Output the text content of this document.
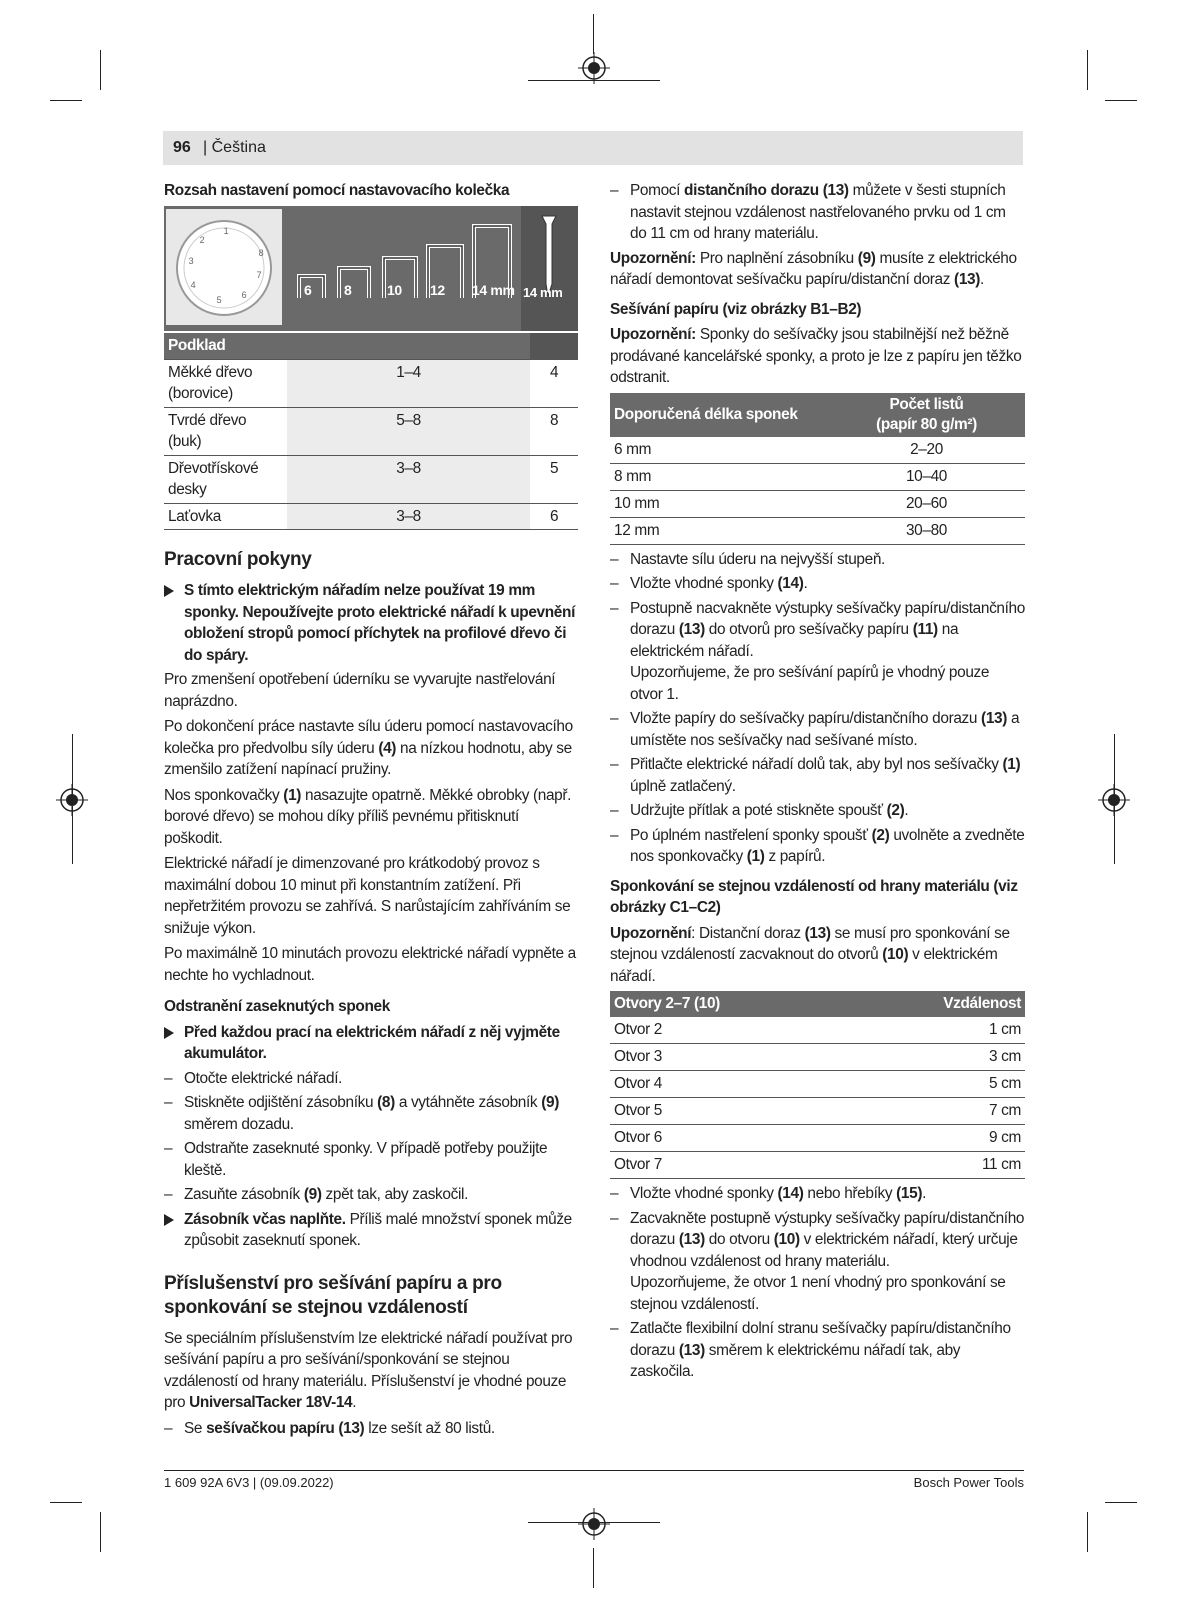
96 | Čeština

Rozsah nastavení pomocí nastavovacího kolečka

1
2
3
4
5 6
7
8
6 8	10 12 14 mm 14 mm
Podklad		
Měkké dřevo (borovice)	1–4	4
Tvrdé dřevo (buk)	5–8	8
Dřevotřískové desky	3–8	5
Laťovka	3–8	6

Pracovní pokyny

S tímto elektrickým nářadím nelze používat 19 mm sponky. Nepoužívejte proto elektrické nářadí k upevnění obložení stropů pomocí příchytek na profilové dřevo či do spáry.

Pro zmenšení opotřebení úderníku se vyvarujte nastřelování naprázdno.

Po dokončení práce nastavte sílu úderu pomocí nastavovacího kolečka pro předvolbu síly úderu (4) na nízkou hodnotu, aby se zmenšilo zatížení napínací pružiny.

Nos sponkovačky (1) nasazujte opatrně. Měkké obrobky (např. borové dřevo) se mohou díky příliš pevnému přitisknutí poškodit.

Elektrické nářadí je dimenzované pro krátkodobý provoz s maximální dobou 10 minut při konstantním zatížení. Při nepřetržitém provozu se zahřívá. S narůstajícím zahříváním se snižuje výkon.

Po maximálně 10 minutách provozu elektrické nářadí vypněte a nechte ho vychladnout.

Odstranění zaseknutých sponek

Před každou prací na elektrickém nářadí z něj vyjměte akumulátor.
– Otočte elektrické nářadí.
– Stiskněte odjištění zásobníku (8) a vytáhněte zásobník (9) směrem dozadu.
– Odstraňte zaseknuté sponky. V případě potřeby použijte kleště.
– Zasuňte zásobník (9) zpět tak, aby zaskočil.
Zásobník včas naplňte. Příliš malé množství sponek může způsobit zaseknutí sponek.

Příslušenství pro sešívání papíru a pro sponkování se stejnou vzdáleností

Se speciálním příslušenstvím lze elektrické nářadí používat pro sešívání papíru a pro sešívání/sponkování se stejnou vzdáleností od hrany materiálu. Příslušenství je vhodné pouze pro UniversalTacker 18V-14.

– Se sešívačkou papíru (13) lze sešít až 80 listů.
– Pomocí distančního dorazu (13) můžete v šesti stupních nastavit stejnou vzdálenost nastřelovaného prvku od 1 cm do 11 cm od hrany materiálu.

Upozornění: Pro naplnění zásobníku (9) musíte z elektrického nářadí demontovat sešívačku papíru/distanční doraz (13).

Sešívání papíru (viz obrázky B1–B2)

Upozornění: Sponky do sešívačky jsou stabilnější než běžně prodávané kancelářské sponky, a proto je lze z papíru jen těžko odstranit.

Doporučená délka sponek	Počet listů
(papír 80 g/m²)

6 mm	2–20
8 mm	10–40
10 mm	20–60
12 mm	30–80
– Nastavte sílu úderu na nejvyšší stupeň.
– Vložte vhodné sponky (14).
– Postupně nacvakněte výstupky sešívačky papíru/distančního dorazu (13) do otvorů pro sešívačky papíru (11) na elektrickém nářadí.
Upozorňujeme, že pro sešívání papírů je vhodný pouze otvor 1.
– Vložte papíry do sešívačky papíru/distančního dorazu (13) a umístěte nos sešívačky nad sešívané místo.
– Přitlačte elektrické nářadí dolů tak, aby byl nos sešívačky (1) úplně zatlačený.
– Udržujte přítlak a poté stiskněte spoušť (2).
– Po úplném nastřelení sponky spoušť (2) uvolněte a zvedněte nos sponkovačky (1) z papírů.

Sponkování se stejnou vzdáleností od hrany materiálu (viz obrázky C1–C2)

Upozornění: Distanční doraz (13) se musí pro sponkování se stejnou vzdáleností zacvaknout do otvorů (10) v elektrickém nářadí.

Otvory 2–7 (10)	Vzdálenost
Otvor 2	1 cm
Otvor 3	3 cm
Otvor 4	5 cm
Otvor 5	7 cm
Otvor 6	9 cm
Otvor 7	11 cm
– Vložte vhodné sponky (14) nebo hřebíky (15).
– Zacvakněte postupně výstupky sešívačky papíru/distančního dorazu (13) do otvoru (10) v elektrickém nářadí, který určuje vhodnou vzdálenost od hrany materiálu.
Upozorňujeme, že otvor 1 není vhodný pro sponkování se stejnou vzdáleností.
– Zatlačte flexibilní dolní stranu sešívačky papíru/distančního dorazu (13) směrem k elektrickému nářadí tak, aby zaskočila.
1 609 92A 6V3 | (09.09.2022)	Bosch Power Tools
